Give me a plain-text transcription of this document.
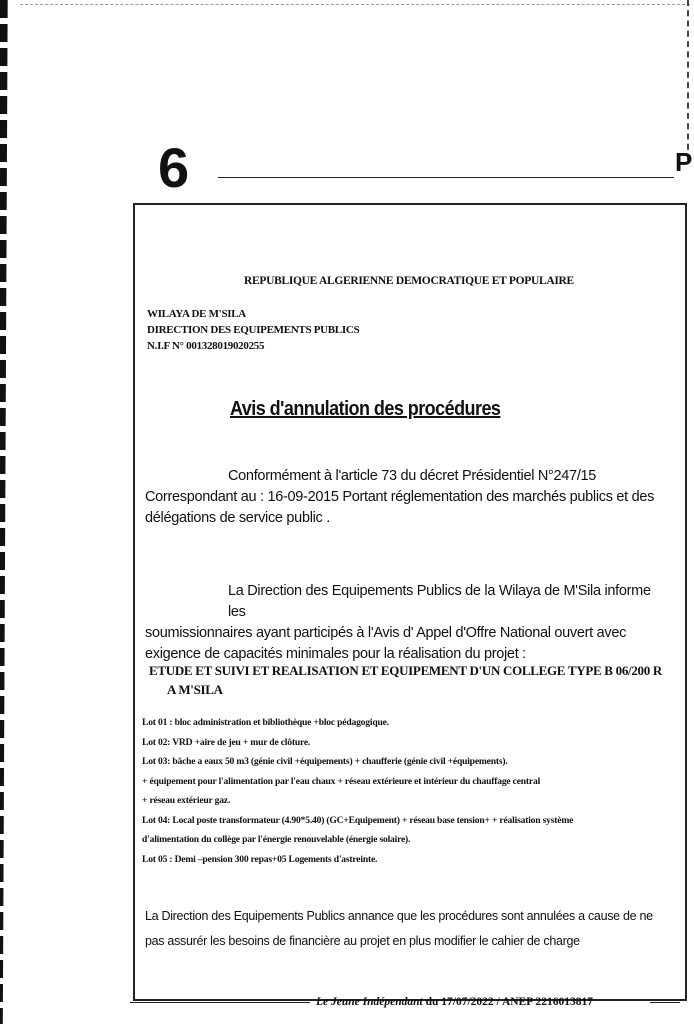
6	P
REPUBLIQUE ALGERIENNE DEMOCRATIQUE ET POPULAIRE
WILAYA DE M'SILA
DIRECTION DES EQUIPEMENTS PUBLICS
N.I.F N° 001328019020255
Avis d'annulation des procédures
Conformément à l'article 73 du décret Présidentiel N°247/15
Correspondant au : 16-09-2015 Portant réglementation des marchés publics et des délégations de service public .
La Direction des Equipements Publics de la Wilaya de M'Sila informe les
soumissionnaires ayant participés à l'Avis d' Appel d'Offre National ouvert avec exigence de capacités minimales pour la réalisation du projet :
ETUDE ET SUIVI ET REALISATION ET EQUIPEMENT D'UN COLLEGE TYPE B 06/200 R
A M'SILA
Lot 01 : bloc administration et bibliothèque +bloc pédagogique.
Lot 02: VRD +aire de jeu + mur de clôture.
Lot 03: bâche a eaux 50 m3 (génie civil +équipements) + chaufferie (génie civil +équipements).
+ équipement pour l'alimentation par l'eau chaux + réseau extérieure et intérieur du chauffage central
+ réseau extérieur gaz.
Lot 04: Local poste transformateur (4.90*5.40) (GC+Equipement) + réseau base tension+ + réalisation système
d'alimentation du collège par l'énergie renouvelable (énergie solaire).
Lot 05 : Demi –pension 300 repas+05 Logements d'astreinte.
La Direction des Equipements Publics annance que les procédures sont annulées a cause de ne
pas assurér les besoins de financière au projet en plus modifier le cahier de charge
Le Jeune Indépendant du 17/07/2022 / ANEP 2216013817
